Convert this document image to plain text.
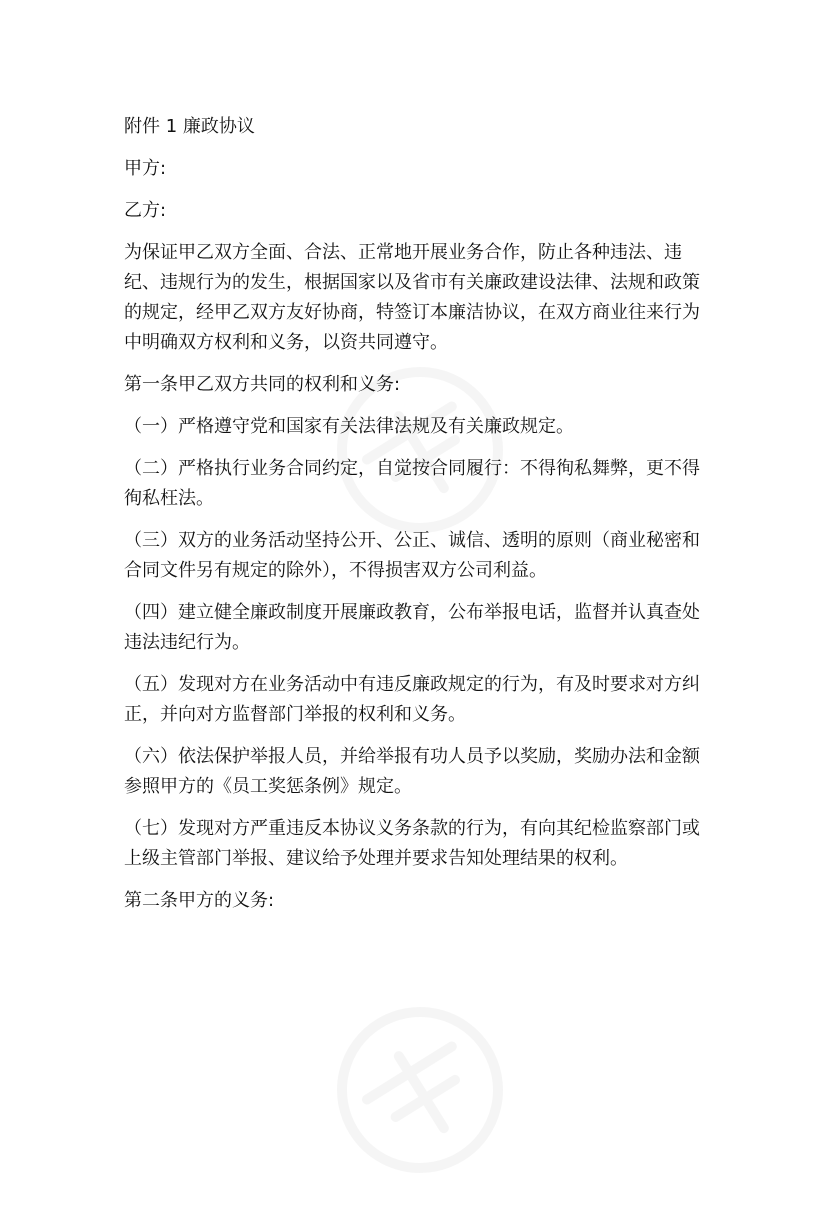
附件 1 廉政协议

甲方:

乙方:

为保证甲乙双方全面、合法、正常地开展业务合作，防止各种违法、违纪、违规行为的发生，根据国家以及省市有关廉政建设法律、法规和政策的规定，经甲乙双方友好协商，特签订本廉洁协议，在双方商业往来行为中明确双方权利和义务，以资共同遵守。

第一条甲乙双方共同的权利和义务:

（一）严格遵守党和国家有关法律法规及有关廉政规定。

（二）严格执行业务合同约定，自觉按合同履行：不得徇私舞弊，更不得徇私枉法。

（三）双方的业务活动坚持公开、公正、诚信、透明的原则（商业秘密和合同文件另有规定的除外），不得损害双方公司利益。

（四）建立健全廉政制度开展廉政教育，公布举报电话，监督并认真查处违法违纪行为。

（五）发现对方在业务活动中有违反廉政规定的行为，有及时要求对方纠正，并向对方监督部门举报的权利和义务。

（六）依法保护举报人员，并给举报有功人员予以奖励，奖励办法和金额参照甲方的《员工奖惩条例》规定。

（七）发现对方严重违反本协议义务条款的行为，有向其纪检监察部门或上级主管部门举报、建议给予处理并要求告知处理结果的权利。

第二条甲方的义务:
